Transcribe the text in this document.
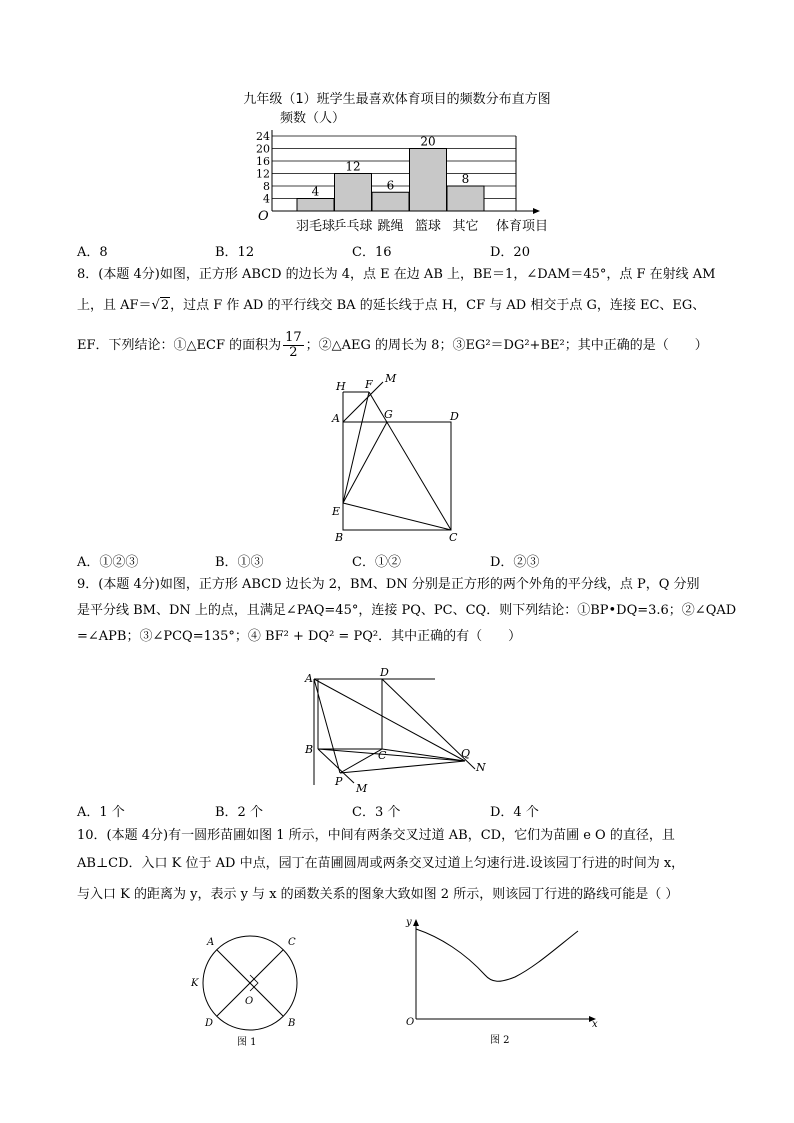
九年级（1）班学生最喜欢体育项目的频数分布直方图
频数（人）
4
8
12
16
20
24
4
12
6
20
8
羽毛球
乒乓球 跳绳 篮球 其它
O
体育项目
A．8	B．12	C．16	D．20
8．(本题 4分)如图，正方形 ABCD 的边长为 4，点 E 在边 AB 上，BE＝1，∠DAM＝45°，点 F 在射线 AM
上，且 AF＝√2，过点 F 作 AD 的平行线交 BA 的延长线于点 H，CF 与 AD 相交于点 G，连接 EC、EG、
EF．下列结论：①△ECF 的面积为 $\frac{17}{2}$ ；②△AEG 的周长为 8；③EG²＝DG²+BE²；其中正确的是（　　）
H F M
A	G	D
E
B	C
A．①②③	B．①③	C．①②	D．②③
9．(本题 4分)如图，正方形 ABCD 边长为 2，BM、DN 分别是正方形的两个外角的平分线，点 P，Q 分别
是平分线 BM、DN 上的点，且满足∠PAQ=45°，连接 PQ、PC、CQ．则下列结论：①BP•DQ=3.6；②∠QAD
=∠APB；③∠PCQ=135°；④ BF² + DQ² = PQ²．其中正确的有（　　）
A	D
B	C	Q
N
P
M
A．1 个	B．2 个	C．3 个	D．4 个
10．(本题 4分)有一圆形苗圃如图 1 所示，中间有两条交叉过道 AB，CD，它们为苗圃 e O 的直径，且
AB⊥CD．入口 K 位于 AD 中点，园丁在苗圃圆周或两条交叉过道上匀速行进.设该园丁行进的时间为 x，
与入口 K 的距离为 y，表示 y 与 x 的函数关系的图象大致如图 2 所示，则该园丁行进的路线可能是（ ）
A	C
K
O
D	B
图 1
y
O	x
图 2
